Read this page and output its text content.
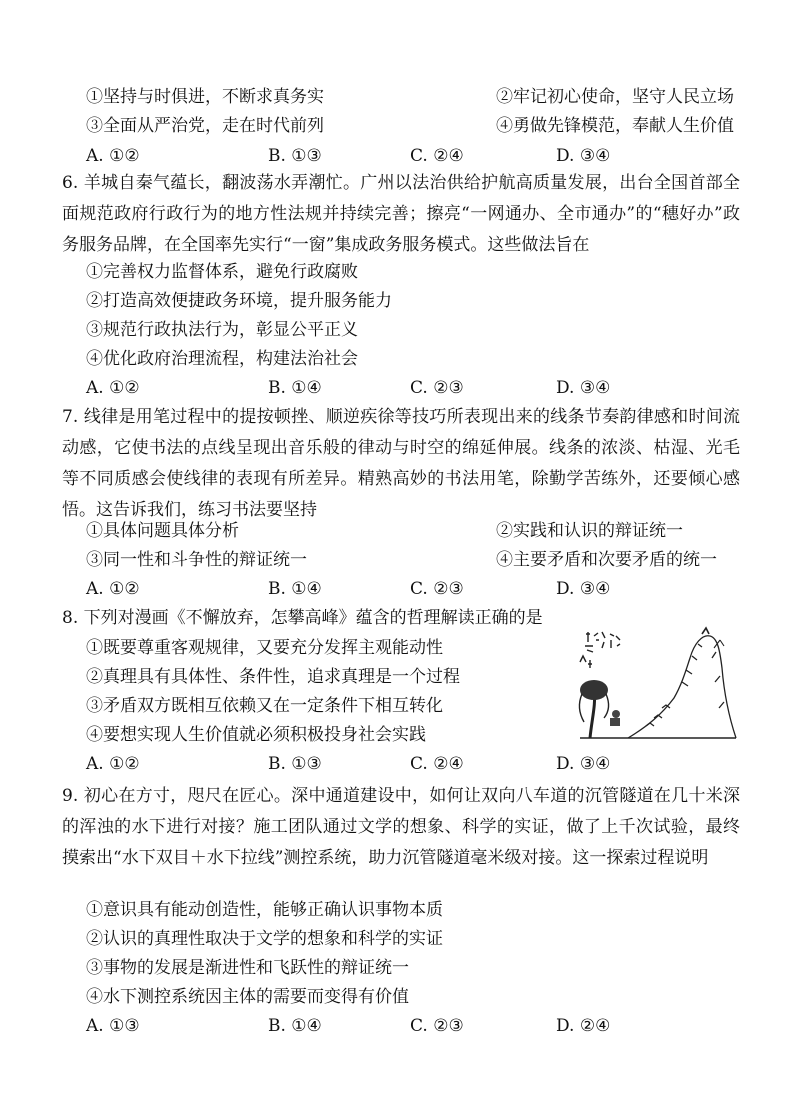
①坚持与时俱进，不断求真务实	②牢记初心使命，坚守人民立场
③全面从严治党，走在时代前列	④勇做先锋模范，奉献人生价值
A. ①②	B. ①③	C. ②④	D. ③④
6. 羊城自秦气蕴长，翻波荡水弄潮忙。广州以法治供给护航高质量发展，出台全国首部全面规范政府行政行为的地方性法规并持续完善；擦亮“一网通办、全市通办”的“穗好办”政务服务品牌，在全国率先实行“一窗”集成政务服务模式。这些做法旨在
①完善权力监督体系，避免行政腐败
②打造高效便捷政务环境，提升服务能力
③规范行政执法行为，彰显公平正义
④优化政府治理流程，构建法治社会
A. ①②	B. ①④	C. ②③	D. ③④
7. 线律是用笔过程中的提按顿挫、顺逆疾徐等技巧所表现出来的线条节奏韵律感和时间流动感，它使书法的点线呈现出音乐般的律动与时空的绵延伸展。线条的浓淡、枯湿、光毛等不同质感会使线律的表现有所差异。精熟高妙的书法用笔，除勤学苦练外，还要倾心感悟。这告诉我们，练习书法要坚持
①具体问题具体分析	②实践和认识的辩证统一
③同一性和斗争性的辩证统一	④主要矛盾和次要矛盾的统一
A. ①②	B. ①④	C. ②③	D. ③④
8. 下列对漫画《不懈放弃，怎攀高峰》蕴含的哲理解读正确的是
①既要尊重客观规律，又要充分发挥主观能动性
②真理具有具体性、条件性，追求真理是一个过程
③矛盾双方既相互依赖又在一定条件下相互转化
④要想实现人生价值就必须积极投身社会实践
A. ①②	B. ①③	C. ②④	D. ③④
9. 初心在方寸，咫尺在匠心。深中通道建设中，如何让双向八车道的沉管隧道在几十米深的浑浊的水下进行对接？施工团队通过文学的想象、科学的实证，做了上千次试验，最终摸索出“水下双目＋水下拉线”测控系统，助力沉管隧道毫米级对接。这一探索过程说明
①意识具有能动创造性，能够正确认识事物本质
②认识的真理性取决于文学的想象和科学的实证
③事物的发展是渐进性和飞跃性的辩证统一
④水下测控系统因主体的需要而变得有价值
A. ①③	B. ①④	C. ②③	D. ②④
